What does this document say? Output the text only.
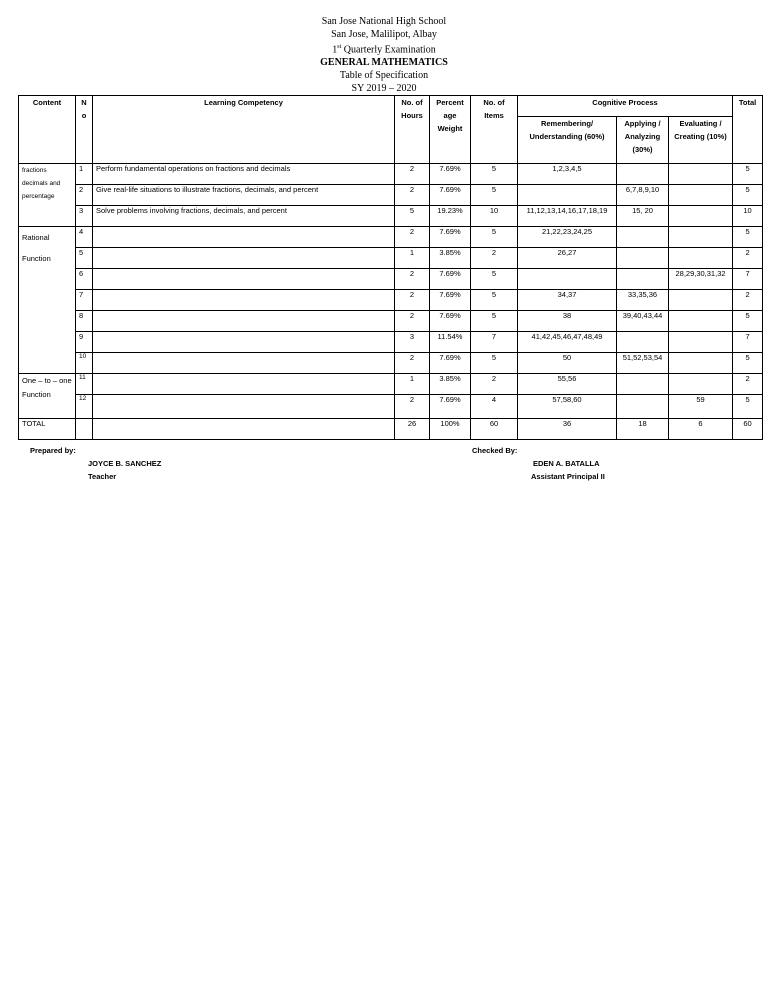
San Jose National High School
San Jose, Malilipot, Albay
1st Quarterly Examination
GENERAL MATHEMATICS
Table of Specification
SY 2019 – 2020
Content	N o	Learning Competency	No. of Hours	Percent age Weight	No. of Items	Cognitive Process			Total
						Remembering/ Understanding (60%)	Applying / Analyzing (30%)	Evaluating / Creating (10%)	
fractions decimals and percentage	1	Perform fundamental operations on fractions and decimals	2	7.69%	5	1,2,3,4,5			5
	2	Give real-life situations to illustrate fractions, decimals, and percent	2	7.69%	5		6,7,8,9,10		5
	3	Solve problems involving fractions, decimals, and percent	5	19.23%	10	11,12,13,14,16,17,18,19	15, 20		10
Rational Function	4		2	7.69%	5	21,22,23,24,25			5
	5		1	3.85%	2	26,27			2
	6		2	7.69%	5			28,29,30,31,32	7
	7		2	7.69%	5	34,37	33,35,36		2
	8		2	7.69%	5	38	39,40,43,44		5
	9		3	11.54%	7	41,42,45,46,47,48,49			7
	10		2	7.69%	5	50	51,52,53,54		5
One – to – one Function	11		1	3.85%	2	55,56			2
	12		2	7.69%	4	57,58,60		59	5
TOTAL			26	100%	60	36	18	6	60
Prepared by:
JOYCE B. SANCHEZ
Teacher
Checked By:
EDEN A. BATALLA
Assistant Principal II
